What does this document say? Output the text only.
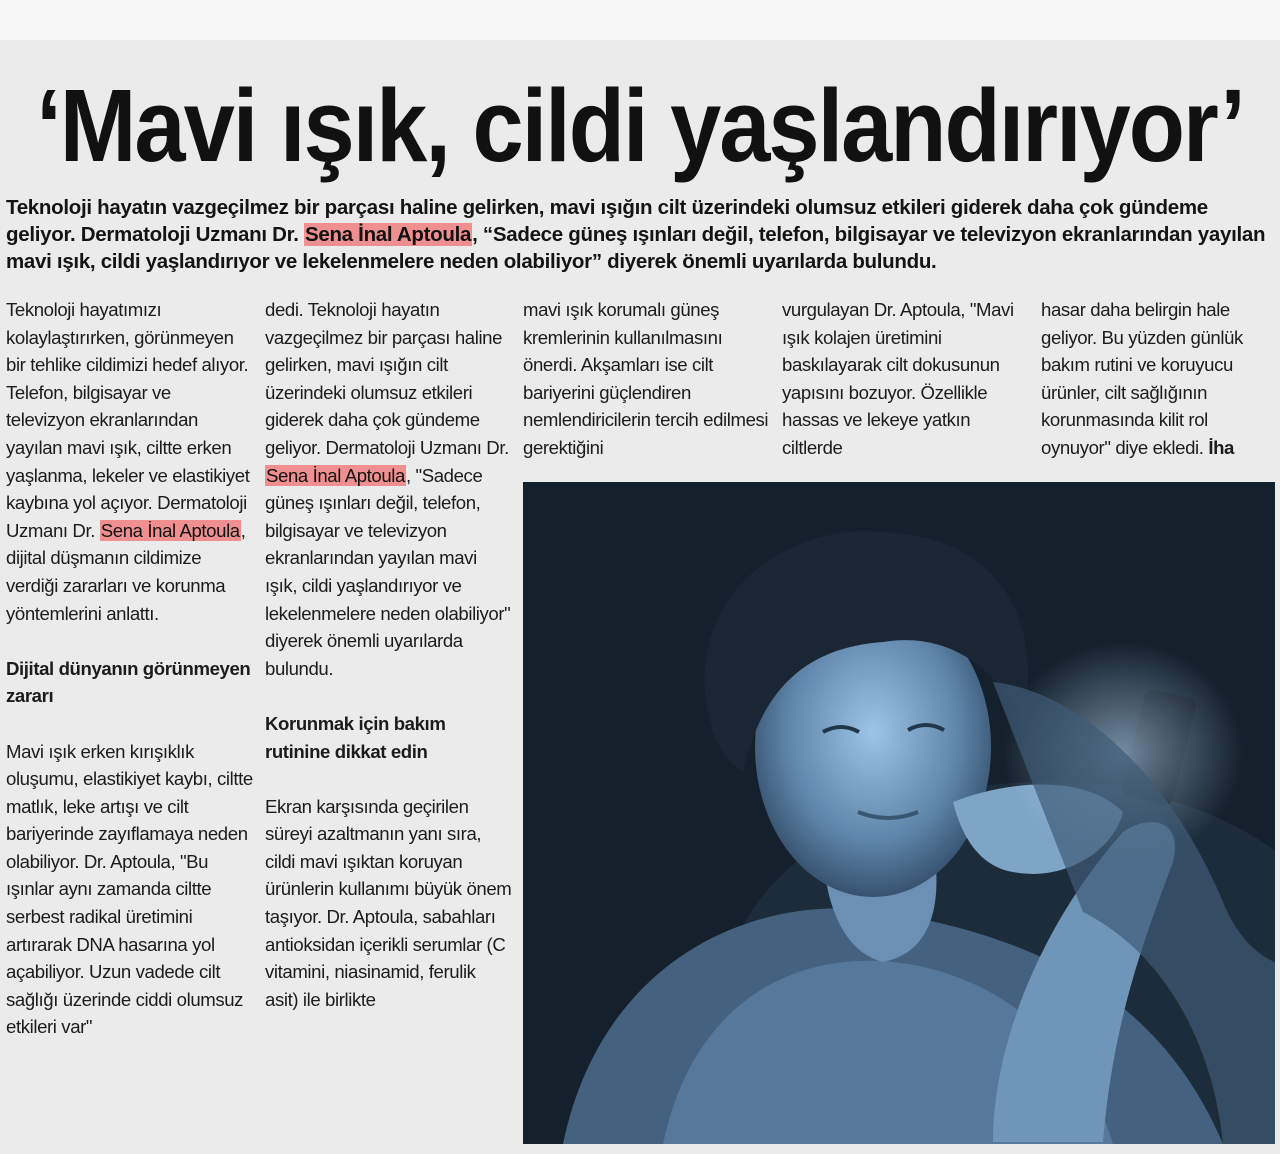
‘Mavi ışık, cildi yaşlandırıyor’
Teknoloji hayatın vazgeçilmez bir parçası haline gelirken, mavi ışığın cilt üzerindeki olumsuz etkileri giderek daha çok gündeme geliyor. Dermatoloji Uzmanı Dr. Sena İnal Aptoula, “Sadece güneş ışınları değil, telefon, bilgisayar ve televizyon ekranlarından yayılan mavi ışık, cildi yaşlandırıyor ve lekelenmelere neden olabiliyor” diyerek önemli uyarılarda bulundu.

Teknoloji hayatımızı kolaylaştırırken, görünmeyen bir tehlike cildimizi hedef alıyor. Telefon, bilgisayar ve televizyon ekranlarından yayılan mavi ışık, ciltte erken yaşlanma, lekeler ve elastikiyet kaybına yol açıyor. Dermatoloji Uzmanı Dr. Sena İnal Aptoula, dijital düşmanın cildimize verdiği zararları ve korunma yöntemlerini anlattı.

Dijital dünyanın görünmeyen zararı

Mavi ışık erken kırışıklık oluşumu, elastikiyet kaybı, ciltte matlık, leke artışı ve cilt bariyerinde zayıflamaya neden olabiliyor. Dr. Aptoula, "Bu ışınlar aynı zamanda ciltte serbest radikal üretimini artırarak DNA hasarına yol açabiliyor. Uzun vadede cilt sağlığı üzerinde ciddi olumsuz etkileri var"

dedi. Teknoloji hayatın vazgeçilmez bir parçası haline gelirken, mavi ışığın cilt üzerindeki olumsuz etkileri giderek daha çok gündeme geliyor. Dermatoloji Uzmanı Dr. Sena İnal Aptoula, "Sadece güneş ışınları değil, telefon, bilgisayar ve televizyon ekranlarından yayılan mavi ışık, cildi yaşlandırıyor ve lekelenmelere neden olabiliyor" diyerek önemli uyarılarda bulundu.

Korunmak için bakım rutinine dikkat edin

Ekran karşısında geçirilen süreyi azaltmanın yanı sıra, cildi mavi ışıktan koruyan ürünlerin kullanımı büyük önem taşıyor. Dr. Aptoula, sabahları antioksidan içerikli serumlar (C vitamini, niasinamid, ferulik asit) ile birlikte

mavi ışık korumalı güneş kremlerinin kullanılmasını önerdi. Akşamları ise cilt bariyerini güçlendiren nemlendiricilerin tercih edilmesi gerektiğini

vurgulayan Dr. Aptoula, "Mavi ışık kolajen üretimini baskılayarak cilt dokusunun yapısını bozuyor. Özellikle hassas ve lekeye yatkın ciltlerde

hasar daha belirgin hale geliyor. Bu yüzden günlük bakım rutini ve koruyucu ürünler, cilt sağlığının korunmasında kilit rol oynuyor" diye ekledi. İha
